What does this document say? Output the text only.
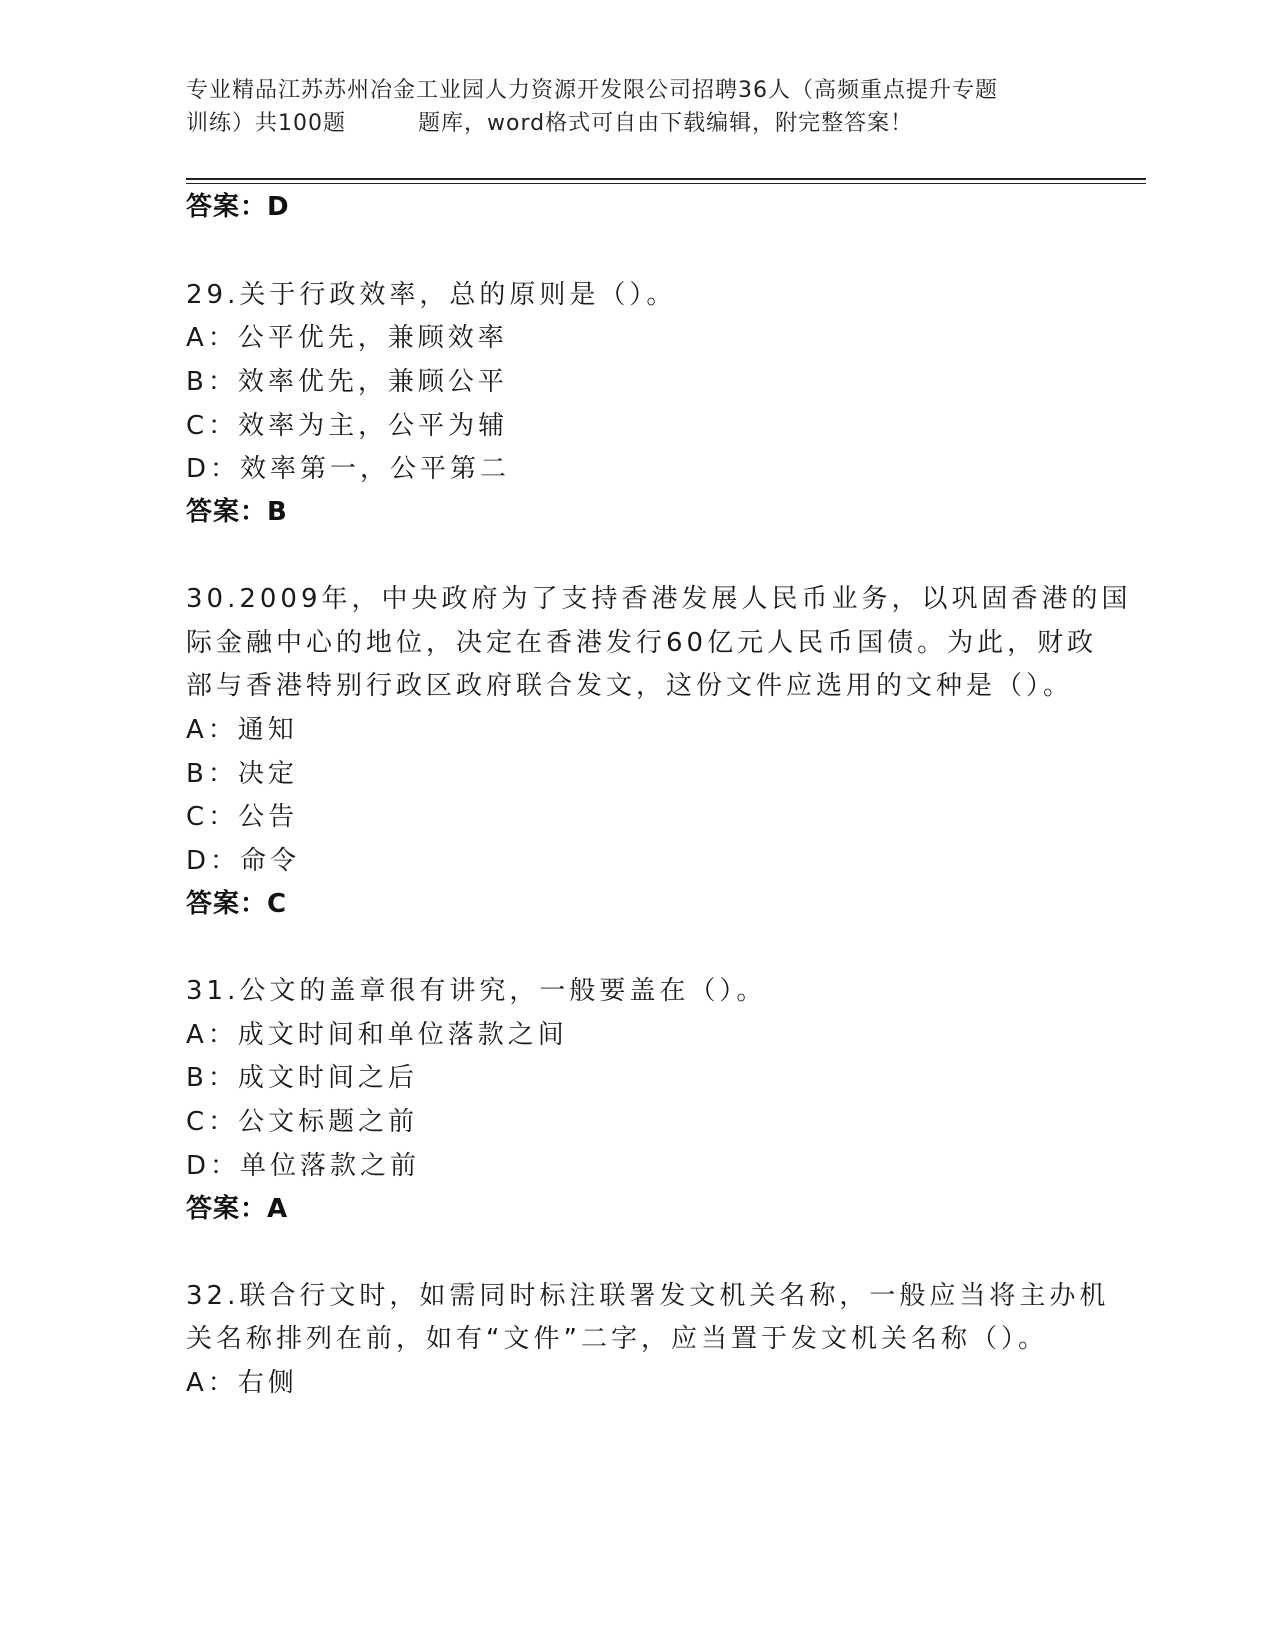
专业精品江苏苏州冶金工业园人力资源开发限公司招聘36人（高频重点提升专题
训练）共100题	题库，word格式可自由下载编辑，附完整答案！
答案：D
29.关于行政效率，总的原则是（）。
A：公平优先，兼顾效率
B：效率优先，兼顾公平
C：效率为主，公平为辅
D：效率第一，公平第二
答案：B
30.2009年，中央政府为了支持香港发展人民币业务，以巩固香港的国
际金融中心的地位，决定在香港发行60亿元人民币国债。为此，财政
部与香港特别行政区政府联合发文，这份文件应选用的文种是（）。
A：通知
B：决定
C：公告
D：命令
答案：C
31.公文的盖章很有讲究，一般要盖在（）。
A：成文时间和单位落款之间
B：成文时间之后
C：公文标题之前
D：单位落款之前
答案：A
32.联合行文时，如需同时标注联署发文机关名称，一般应当将主办机
关名称排列在前，如有“文件”二字，应当置于发文机关名称（）。
A：右侧
